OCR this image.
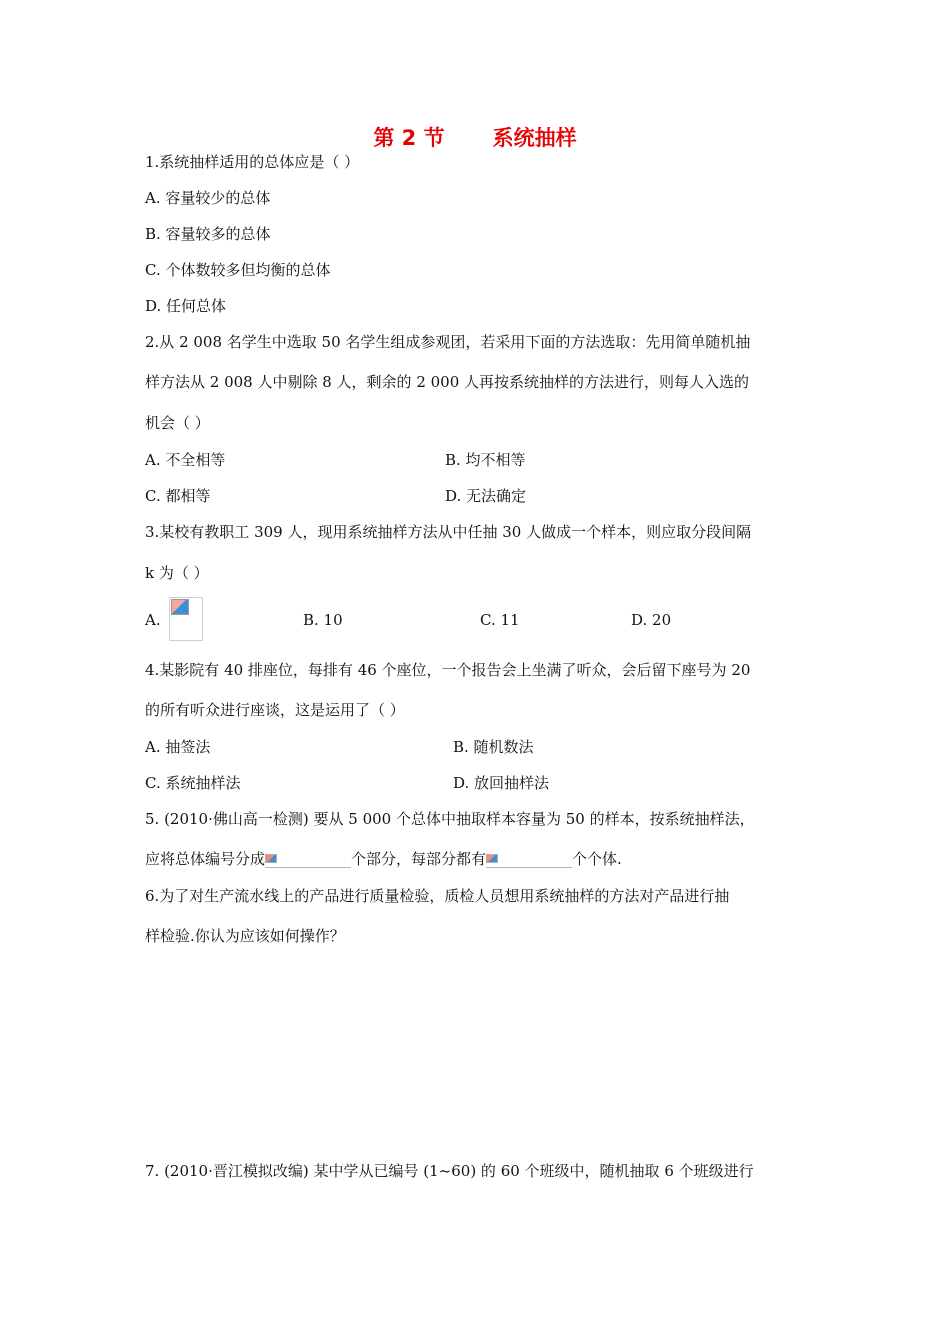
第 2 节 系统抽样
1.系统抽样适用的总体应是（ ）
A. 容量较少的总体
B. 容量较多的总体
C. 个体数较多但均衡的总体
D. 任何总体
2.从 2 008 名学生中选取 50 名学生组成参观团，若采用下面的方法选取：先用简单随机抽
样方法从 2 008 人中剔除 8 人，剩余的 2 000 人再按系统抽样的方法进行，则每人入选的
机会（ ）
A. 不全相等	B. 均不相等
C. 都相等	D. 无法确定
3.某校有教职工 309 人，现用系统抽样方法从中任抽 30 人做成一个样本，则应取分段间隔
k 为（ ）
A.	B. 10	C. 11	D. 20
4.某影院有 40 排座位，每排有 46 个座位，一个报告会上坐满了听众，会后留下座号为 20
的所有听众进行座谈，这是运用了（ ）
A. 抽签法	B. 随机数法
C. 系统抽样法	D. 放回抽样法
5. (2010·佛山高一检测) 要从 5 000 个总体中抽取样本容量为 50 的样本，按系统抽样法，
应将总体编号分成	个部分，每部分都有	个个体.
6.为了对生产流水线上的产品进行质量检验，质检人员想用系统抽样的方法对产品进行抽
样检验.你认为应该如何操作？
7. (2010·晋江模拟改编) 某中学从已编号 (1~60) 的 60 个班级中，随机抽取 6 个班级进行
